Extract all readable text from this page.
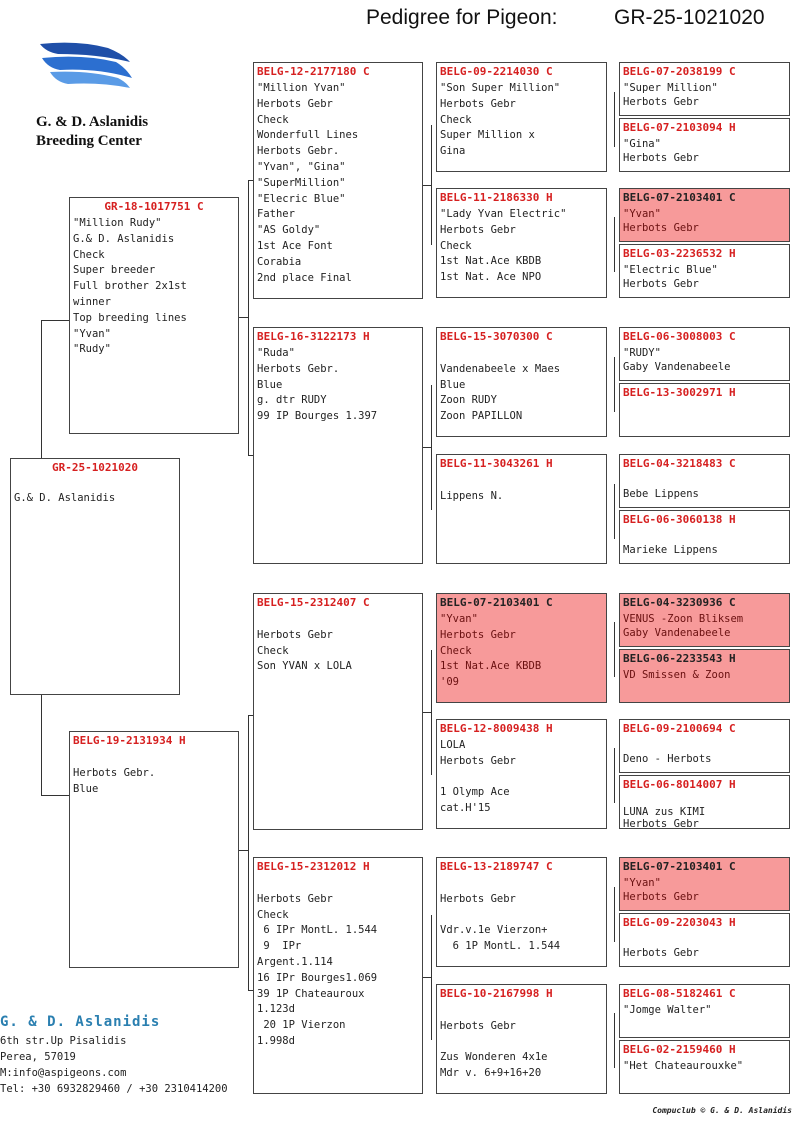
Pedigree for Pigeon:	GR-25-1021020
G. & D. Aslanidis
Breeding Center
GR-25-1021020
G.& D. Aslanidis
GR-18-1017751 C
"Million Rudy"
G.& D. Aslanidis
Check
Super breeder
Full brother 2x1st
winner
Top breeding lines
"Yvan"
"Rudy"
BELG-19-2131934 H

Herbots Gebr.
Blue
BELG-12-2177180 C
"Million Yvan"
Herbots Gebr
Check
Wonderfull Lines
Herbots Gebr.
"Yvan", "Gina"
"SuperMillion"
"Elecric Blue"
Father
"AS Goldy"
1st Ace Font
Corabia
2nd place Final
BELG-16-3122173 H
"Ruda"
Herbots Gebr.
Blue
g. dtr RUDY
99 IP Bourges 1.397
BELG-15-2312407 C

Herbots Gebr
Check
Son YVAN x LOLA
BELG-15-2312012 H

Herbots Gebr
Check
6 IPr MontL. 1.544
9  IPr
Argent.1.114
16 IPr Bourges1.069
39 1P Chateauroux
1.123d
20 1P Vierzon
1.998d
BELG-09-2214030 C
"Son Super Million"
Herbots Gebr
Check
Super Million x
Gina
BELG-11-2186330 H
"Lady Yvan Electric"
Herbots Gebr
Check
1st Nat.Ace KBDB
1st Nat. Ace NPO
BELG-15-3070300 C

Vandenabeele x Maes
Blue
Zoon RUDY
Zoon PAPILLON
BELG-11-3043261 H

Lippens N.
BELG-07-2103401 C
"Yvan"
Herbots Gebr
Check
1st Nat.Ace KBDB
'09
BELG-12-8009438 H
LOLA
Herbots Gebr

1 Olymp Ace
cat.H'15
BELG-13-2189747 C

Herbots Gebr

Vdr.v.1e Vierzon+
6 1P MontL. 1.544
BELG-10-2167998 H

Herbots Gebr

Zus Wonderen 4x1e
Mdr v. 6+9+16+20
BELG-07-2038199 C
"Super Million"
Herbots Gebr
BELG-07-2103094 H
"Gina"
Herbots Gebr
BELG-07-2103401 C
"Yvan"
Herbots Gebr
BELG-03-2236532 H
"Electric Blue"
Herbots Gebr
BELG-06-3008003 C
"RUDY"
Gaby Vandenabeele
BELG-13-3002971 H
BELG-04-3218483 C

Bebe Lippens
BELG-06-3060138 H

Marieke Lippens
BELG-04-3230936 C
VENUS -Zoon Bliksem
Gaby Vandenabeele
BELG-06-2233543 H
VD Smissen & Zoon
BELG-09-2100694 C

Deno - Herbots
BELG-06-8014007 H

LUNA zus KIMI
Herbots Gebr
BELG-07-2103401 C
"Yvan"
Herbots Gebr
BELG-09-2203043 H

Herbots Gebr
BELG-08-5182461 C
"Jomge Walter"
BELG-02-2159460 H
"Het Chateaurouxke"
G. & D. Aslanidis
6th str.Up Pisalidis
Perea, 57019
M:info@aspigeons.com
Tel: +30 6932829460 / +30 2310414200
Compuclub © G. & D. Aslanidis
